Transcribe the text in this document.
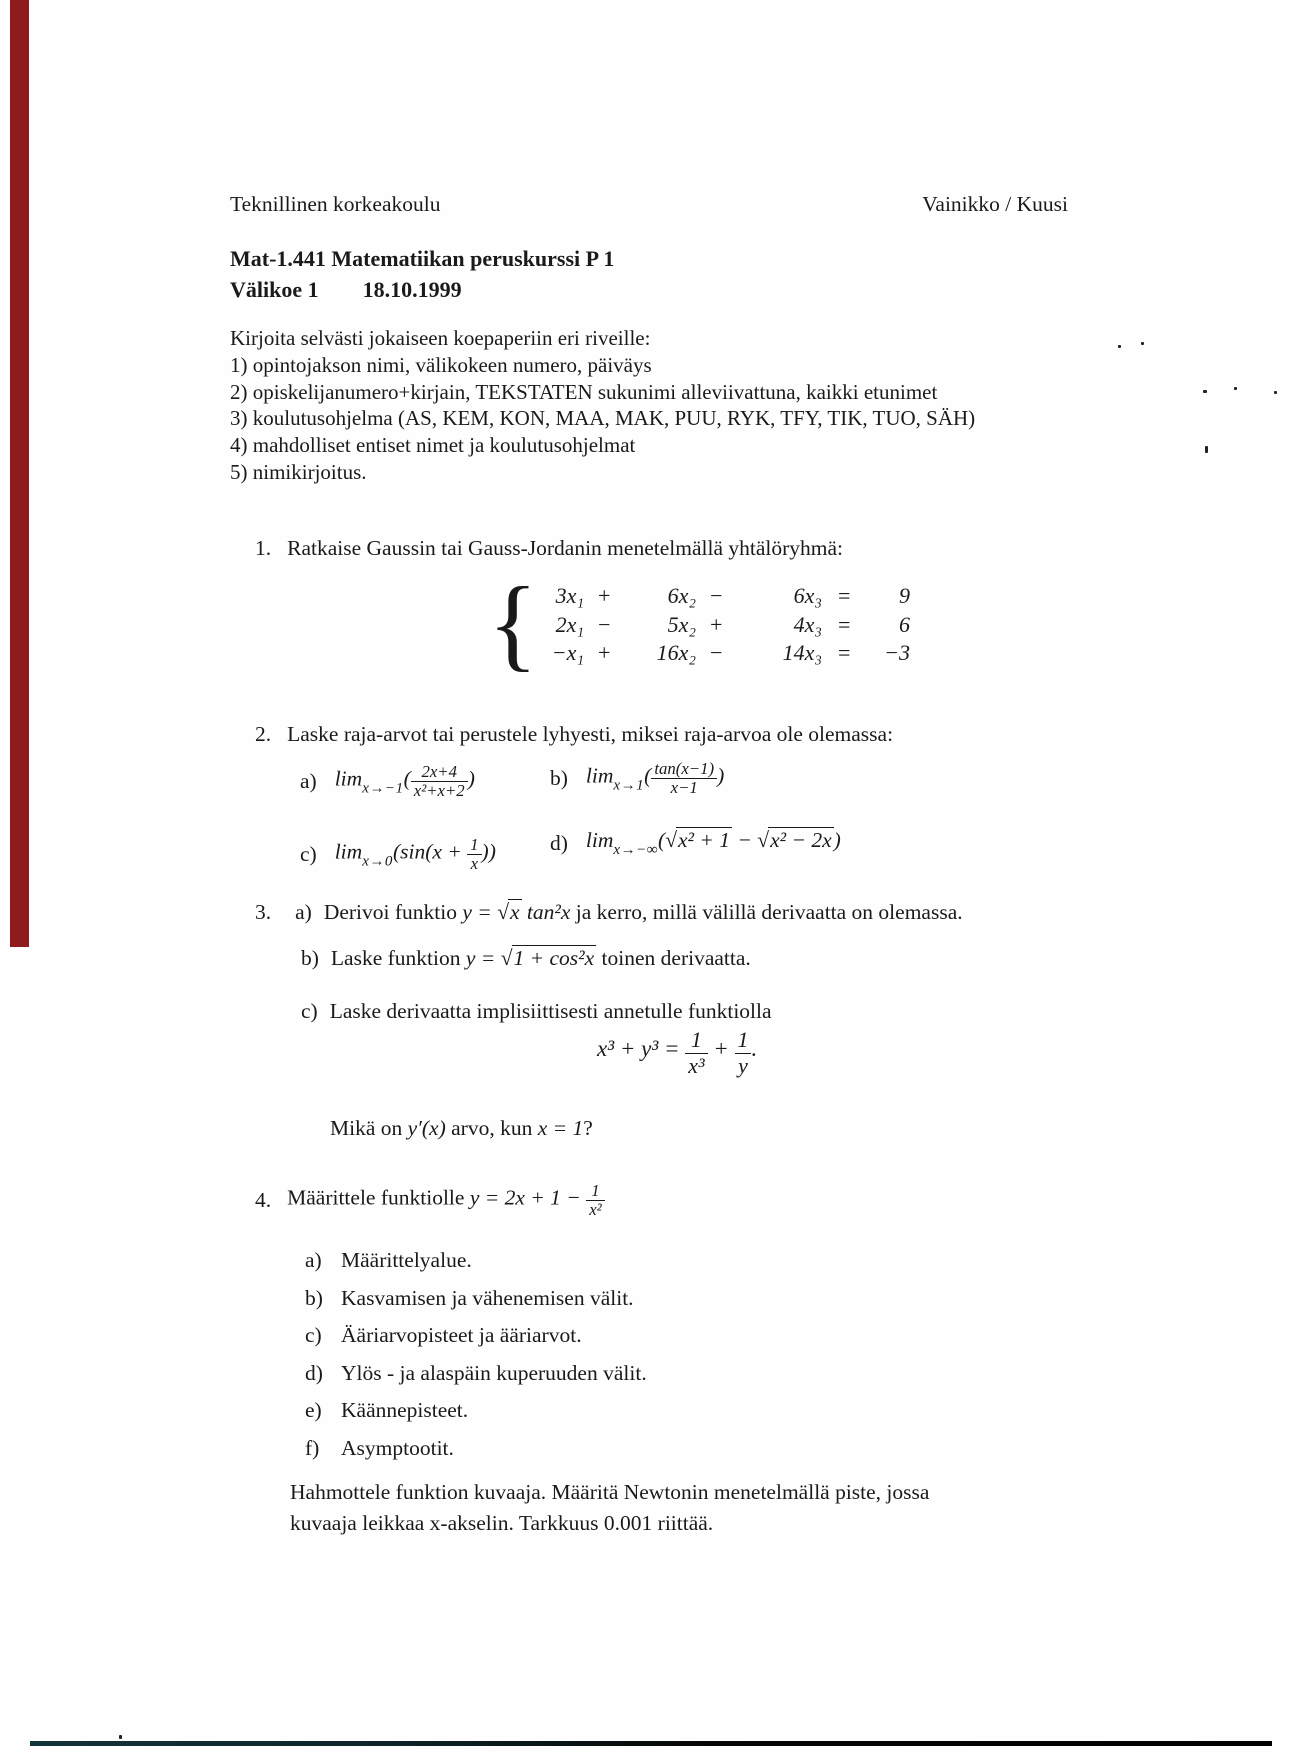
Teknillinen korkeakoulu	Vainikko / Kuusi
Mat-1.441 Matematiikan peruskurssi P 1
Välikoe 1 18.10.1999
Kirjoita selvästi jokaiseen koepaperiin eri riveille:
1) opintojakson nimi, välikokeen numero, päiväys
2) opiskelijanumero+kirjain, TEKSTATEN sukunimi alleviivattuna, kaikki etunimet
3) koulutusohjelma (AS, KEM, KON, MAA, MAK, PUU, RYK, TFY, TIK, TUO, SÄH)
4) mahdolliset entiset nimet ja koulutusohjelmat
5) nimikirjoitus.
1. Ratkaise Gaussin tai Gauss-Jordanin menetelmällä yhtälöryhmä:
{ 3x₁ +	6x₂ −	6x₃ =	9
2x₁ −	5x₂ +	4x₃ =	6
−x₁ +	16x₂ −	14x₃ =	−3
2. Laske raja-arvot tai perustele lyhyesti, miksei raja-arvoa ole olemassa:
a) $\lim_{x\to-1}( \frac{2x+4}{\text{x²+x+2}}$ )	b) $\lim_{x\to 1}( \frac{\tan(x-1)}{x-1}$ )
c) $\lim_{x\to 0}(\sin(x + \frac{1}{x}$ ))	d) $\lim_{x\to-\infty}(√x^2 + 1 - √x^2 - 2x)$
3. a) Derivoi funktio y = √x tan²x ja kerro, millä välillä derivaatta on olemassa.
b) Laske funktion y = √1 + cos²x toinen derivaatta.
c) Laske derivaatta implisiittisesti annetulle funktiolla
$x^3 + y^3 = \frac{1}{\text{x³}} + \frac{1}{y}$ .
Mikä on y′(x) arvo, kun x = 1?
4. Määrittele funktiolle $y = 2x + 1 - \frac{1}{\text{x²}}$
a) Määrittelyalue.
b) Kasvamisen ja vähenemisen välit.
c) Ääriarvopisteet ja ääriarvot.
d) Ylös - ja alaspäin kuperuuden välit.
e) Käännepisteet.
f)	Asymptootit.
Hahmottele funktion kuvaaja. Määritä Newtonin menetelmällä piste, jossa kuvaaja leikkaa x-akselin. Tarkkuus 0.001 riittää.
